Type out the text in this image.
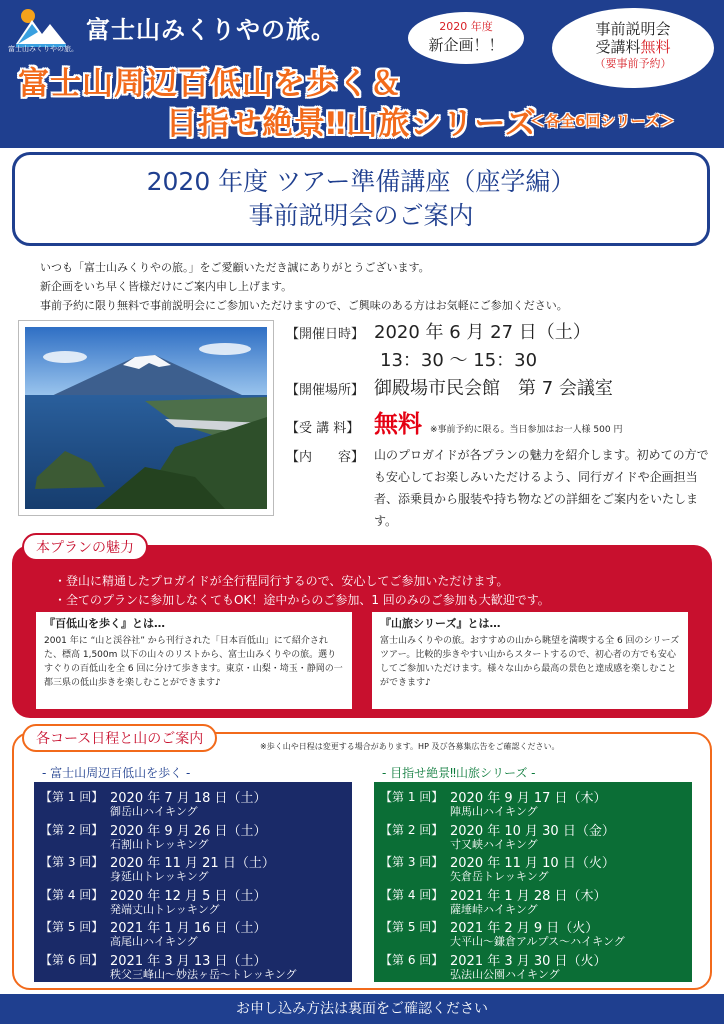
富士山みくりやの旅。
富士山みくりやの旅。
富士山周辺百低山を歩く＆
目指せ絶景‼山旅シリーズ
＜各全6回シリーズ＞
2020 年度
新企画！！
事前説明会
受講料無料
（要事前予約）
2020 年度 ツアー準備講座（座学編）
事前説明会のご案内
いつも「富士山みくりやの旅。」をご愛顧いただき誠にありがとうございます。
新企画をいち早く皆様だけにご案内申し上げます。
事前予約に限り無料で事前説明会にご参加いただけますので、ご興味のある方はお気軽にご参加ください。
【開催日時】 2020 年 6 月 27 日（土）
13：30 ～ 15：30
【開催場所】 御殿場市民会館　第 7 会議室
【受 講 料】 無料 ※事前予約に限る。当日参加はお一人様 500 円
【内　　容】 山のプロガイドが各プランの魅力を紹介します。初めての方でも安心してお楽しみいただけるよう、同行ガイドや企画担当者、添乗員から服装や持ち物などの詳細をご案内をいたします。
本プランの魅力
・登山に精通したプロガイドが全行程同行するので、安心してご参加いただけます。
・全てのプランに参加しなくてもOK！途中からのご参加、1 回のみのご参加も大歓迎です。
『百低山を歩く』とは…
2001 年に “山と渓谷社” から刊行された「日本百低山」にて紹介された、標高 1,500m 以下の山々のリストから、富士山みくりやの旅。選りすぐりの百低山を全 6 回に分けて歩きます。東京・山梨・埼玉・静岡の一都三県の低山歩きを楽しむことができます♪
『山旅シリーズ』とは…
富士山みくりやの旅。おすすめの山から眺望を満喫する全 6 回のシリーズツアー。比較的歩きやすい山からスタートするので、初心者の方でも安心してご参加いただけます。様々な山から最高の景色と達成感を楽しむことができます♪
各コース日程と山のご案内	※歩く山や日程は変更する場合があります。HP 及び各募集広告をご確認ください。
- 富士山周辺百低山を歩く -	- 目指せ絶景‼山旅シリーズ -
【第 1 回】 2020 年 7 月 18 日（土）
御岳山ハイキング
【第 2 回】 2020 年 9 月 26 日（土）
石割山トレッキング
【第 3 回】 2020 年 11 月 21 日（土）
身延山トレッキング
【第 4 回】 2020 年 12 月 5 日（土）
発端丈山トレッキング
【第 5 回】 2021 年 1 月 16 日（土）
高尾山ハイキング
【第 6 回】 2021 年 3 月 13 日（土）
秩父三峰山～妙法ヶ岳～トレッキング
【第 1 回】 2020 年 9 月 17 日（木）
陣馬山ハイキング
【第 2 回】 2020 年 10 月 30 日（金）
寸又峡ハイキング
【第 3 回】 2020 年 11 月 10 日（火）
矢倉岳トレッキング
【第 4 回】 2021 年 1 月 28 日（木）
薩埵峠ハイキング
【第 5 回】 2021 年 2 月 9 日（火）
大平山～鎌倉アルプス～ハイキング
【第 6 回】 2021 年 3 月 30 日（火）
弘法山公園ハイキング
お申し込み方法は裏面をご確認ください
